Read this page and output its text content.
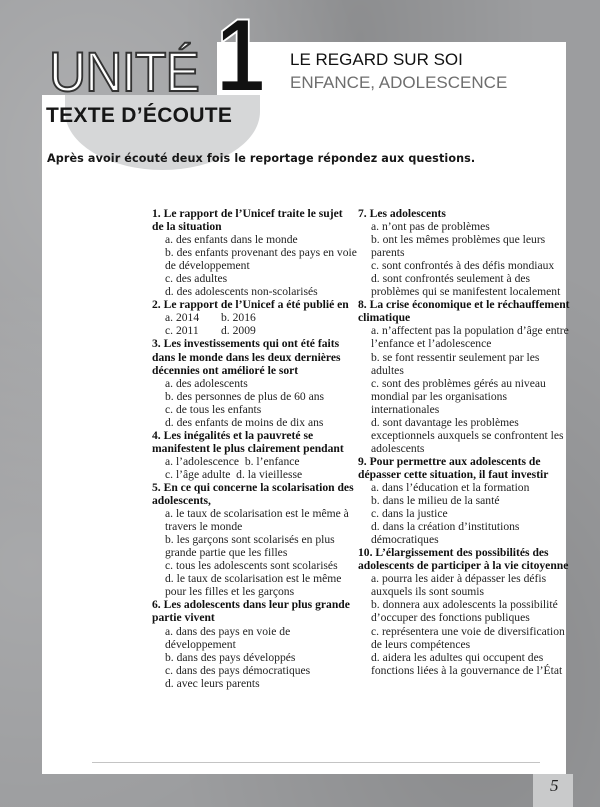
UNITÉ 1
TEXTE D’ÉCOUTE
LE REGARD SUR SOI
ENFANCE, ADOLESCENCE
Après avoir écouté deux fois le reportage répondez aux questions.
1. Le rapport de l’Unicef traite le sujet de la situation
a. des enfants dans le monde
b. des enfants provenant des pays en voie de développement
c. des adultes
d. des adolescents non-scolarisés
2. Le rapport de l’Unicef a été publié en
a. 2014	b. 2016
c. 2011	d. 2009
3. Les investissements qui ont été faits dans le monde dans les deux dernières décennies ont amélioré le sort
a. des adolescents
b. des personnes de plus de 60 ans
c. de tous les enfants
d. des enfants de moins de dix ans
4. Les inégalités et la pauvreté se manifestent le plus clairement pendant
a. l’adolescence b. l’enfance
c. l’âge adulte d. la vieillesse
5. En ce qui concerne la scolarisation des adolescents,
a. le taux de scolarisation est le même à travers le monde
b. les garçons sont scolarisés en plus grande partie que les filles
c. tous les adolescents sont scolarisés
d. le taux de scolarisation est le même pour les filles et les garçons
6. Les adolescents dans leur plus grande partie vivent
a. dans des pays en voie de développement
b. dans des pays développés
c. dans des pays démocratiques
d. avec leurs parents
7. Les adolescents
a. n’ont pas de problèmes
b. ont les mêmes problèmes que leurs parents
c. sont confrontés à des défis mondiaux
d. sont confrontés seulement à des problèmes qui se manifestent localement
8. La crise économique et le réchauffement climatique
a. n’affectent pas la population d’âge entre l’enfance et l’adolescence
b. se font ressentir seulement par les adultes
c. sont des problèmes gérés au niveau mondial par les organisations internationales
d. sont davantage les problèmes exceptionnels auxquels se confrontent les adolescents
9. Pour permettre aux adolescents de dépasser cette situation, il faut investir
a. dans l’éducation et la formation
b. dans le milieu de la santé
c. dans la justice
d. dans la création d’institutions démocratiques
10. L’élargissement des possibilités des adolescents de participer à la vie citoyenne
a. pourra les aider à dépasser les défis auxquels ils sont soumis
b. donnera aux adolescents la possibilité d’occuper des fonctions publiques
c. représentera une voie de diversification de leurs compétences
d. aidera les adultes qui occupent des fonctions liées à la gouvernance de l’État
5
